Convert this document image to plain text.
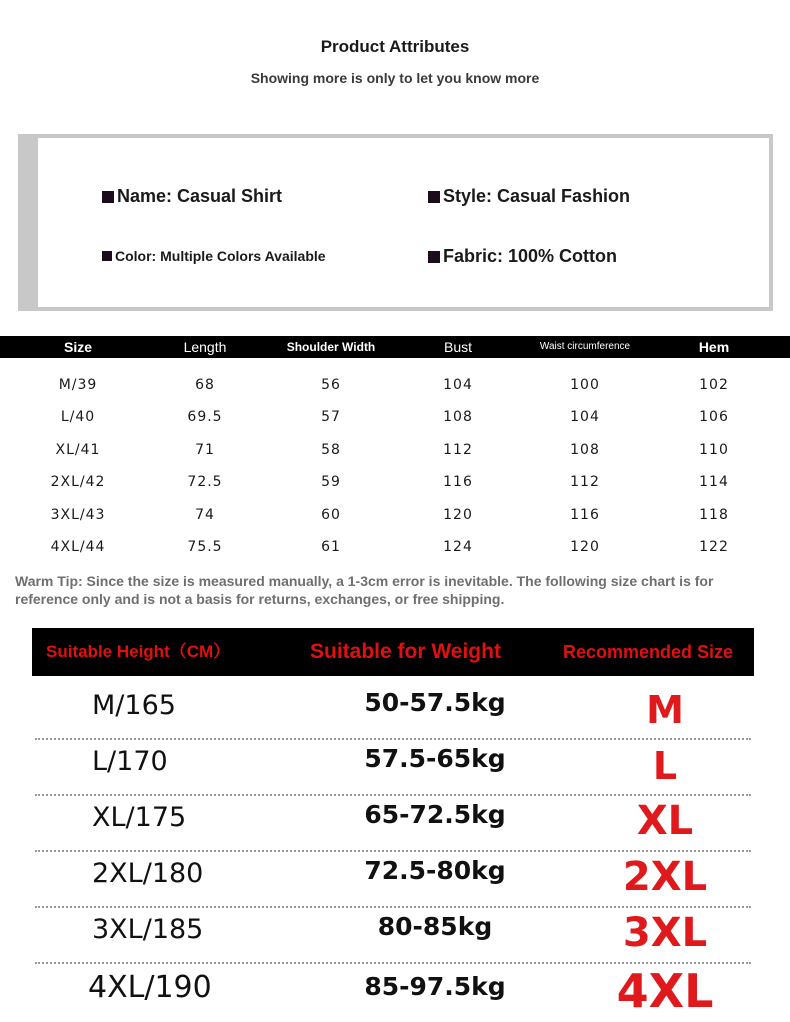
Product Attributes
Showing more is only to let you know more
Name: Casual Shirt	Style: Casual Fashion
Color: Multiple Colors Available	Fabric: 100% Cotton
Size	Length	Shoulder Width	Bust	Waist circumference	Hem
M/39	68	56	104	100	102
L/40	69.5	57	108	104	106
XL/41	71	58	112	108	110
2XL/42	72.5	59	116	112	114
3XL/43	74	60	120	116	118
4XL/44	75.5	61	124	120	122
Warm Tip: Since the size is measured manually, a 1-3cm error is inevitable. The following size chart is for reference only and is not a basis for returns, exchanges, or free shipping.
Suitable Height（CM）	Suitable for Weight	Recommended Size
M/165	50-57.5kg	M
L/170	57.5-65kg	L
XL/175	65-72.5kg	XL
2XL/180	72.5-80kg	2XL
3XL/185	80-85kg	3XL
4XL/190	85-97.5kg	4XL
